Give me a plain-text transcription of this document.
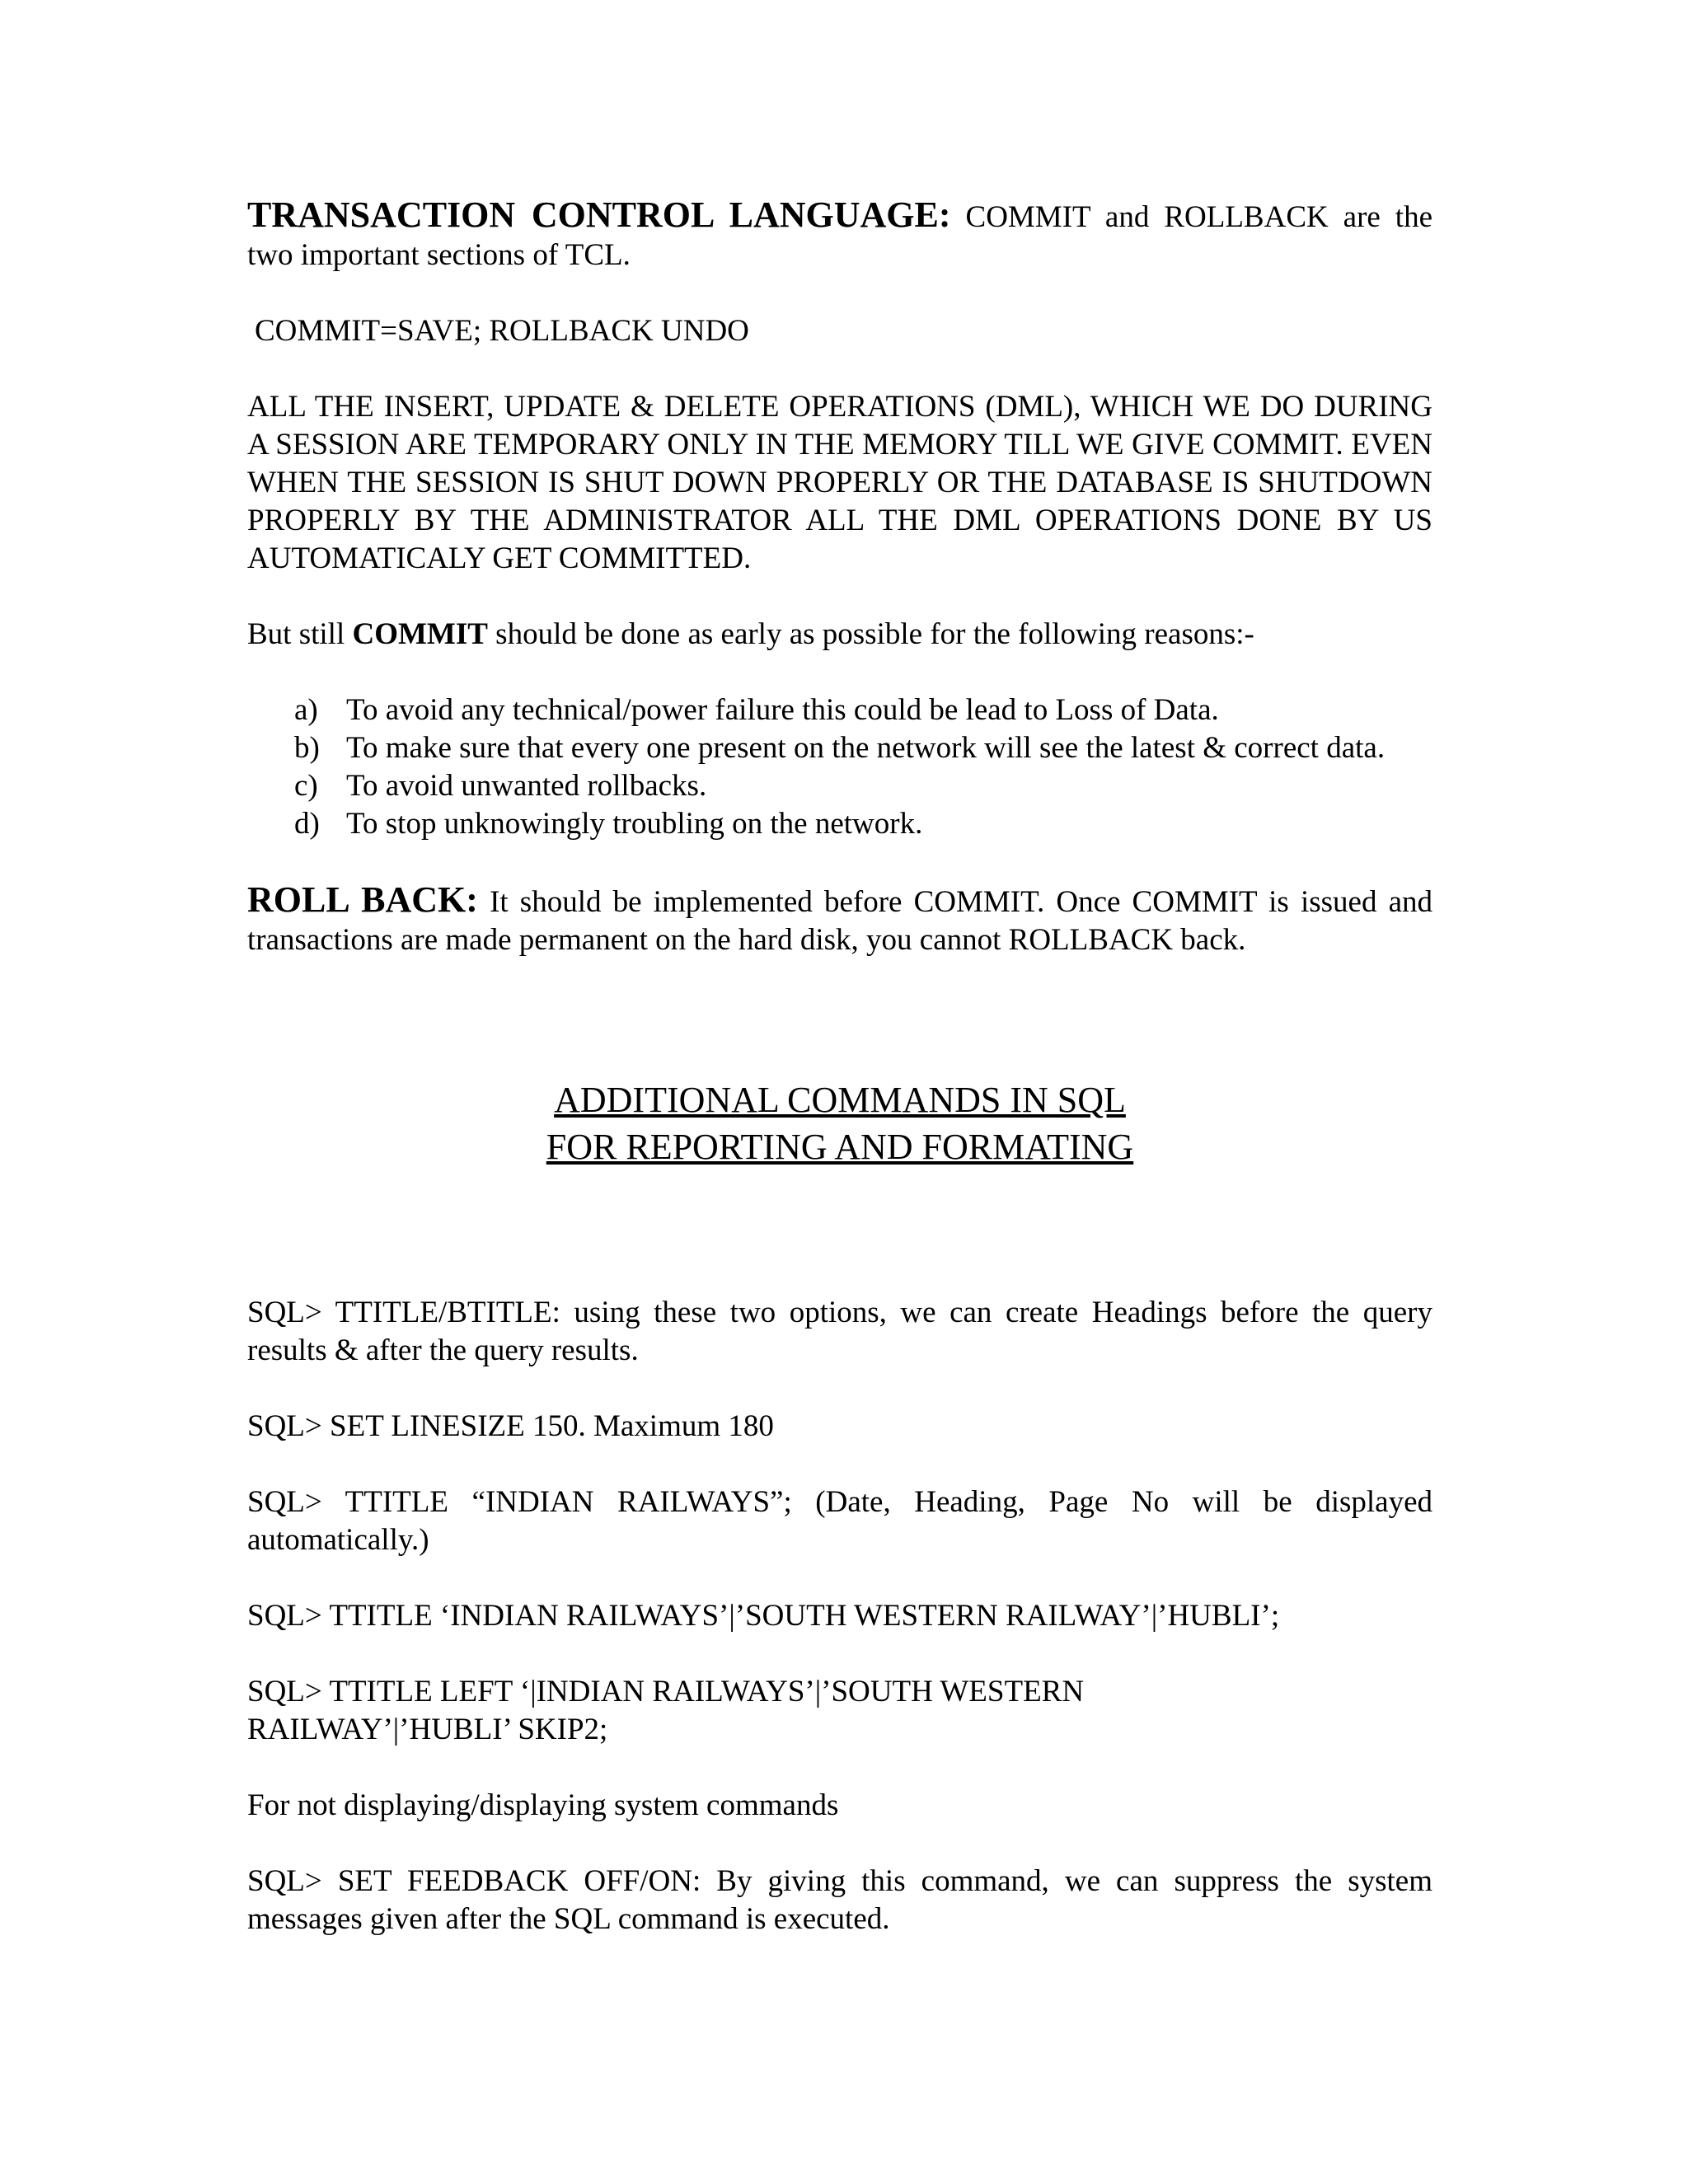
TRANSACTION CONTROL LANGUAGE: COMMIT and ROLLBACK are the two important sections of TCL.

COMMIT=SAVE; ROLLBACK UNDO

ALL THE INSERT, UPDATE & DELETE OPERATIONS (DML), WHICH WE DO DURING A SESSION ARE TEMPORARY ONLY IN THE MEMORY TILL WE GIVE COMMIT. EVEN WHEN THE SESSION IS SHUT DOWN PROPERLY OR THE DATABASE IS SHUTDOWN PROPERLY BY THE ADMINISTRATOR ALL THE DML OPERATIONS DONE BY US AUTOMATICALY GET COMMITTED.

But still COMMIT should be done as early as possible for the following reasons:-

a) To avoid any technical/power failure this could be lead to Loss of Data.
b) To make sure that every one present on the network will see the latest & correct data.
c) To avoid unwanted rollbacks.
d) To stop unknowingly troubling on the network.

ROLL BACK: It should be implemented before COMMIT. Once COMMIT is issued and transactions are made permanent on the hard disk, you cannot ROLLBACK back.

ADDITIONAL COMMANDS IN SQL

FOR REPORTING AND FORMATING

SQL> TTITLE/BTITLE: using these two options, we can create Headings before the query results & after the query results.

SQL> SET LINESIZE 150. Maximum 180

SQL> TTITLE “INDIAN RAILWAYS”; (Date, Heading, Page No will be displayed automatically.)

SQL> TTITLE ‘INDIAN RAILWAYS’|’SOUTH WESTERN RAILWAY’|’HUBLI’;

SQL> TTITLE LEFT ‘|INDIAN RAILWAYS’|’SOUTH WESTERN

RAILWAY’|’HUBLI’ SKIP2;

For not displaying/displaying system commands

SQL> SET FEEDBACK OFF/ON: By giving this command, we can suppress the system messages given after the SQL command is executed.
